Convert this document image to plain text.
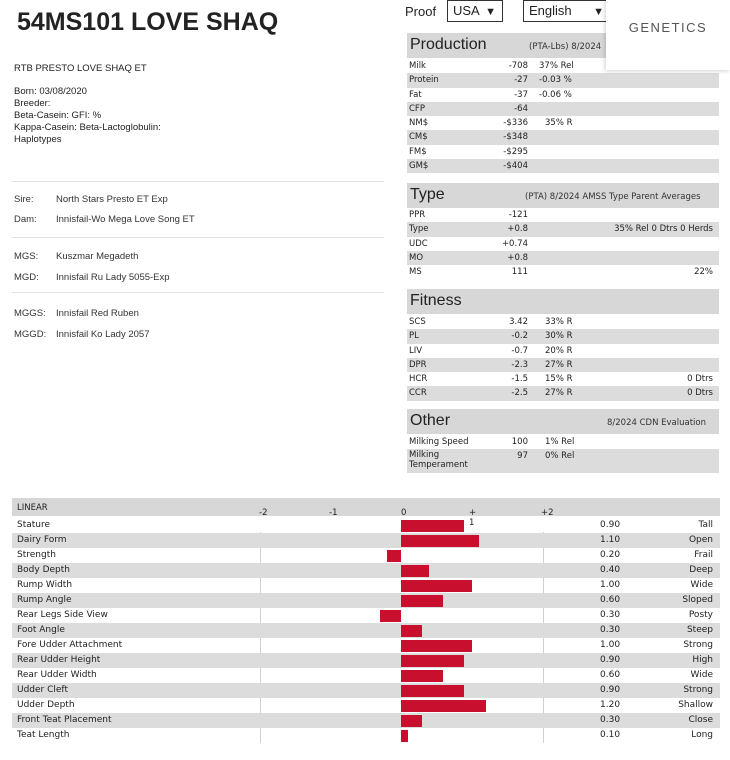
54MS101 LOVE SHAQ
RTB PRESTO LOVE SHAQ ET
Born: 03/08/2020
Breeder:
Beta-Casein: GFI: %
Kappa-Casein: Beta-Lactoglobulin:
Haplotypes
Sire: North Stars Presto ET Exp
Dam: Innisfail-Wo Mega Love Song ET
MGS: Kuszmar Megadeth
MGD: Innisfail Ru Lady 5055-Exp
MGGS: Innisfail Red Ruben
MGGD: Innisfail Ko Lady 2057
Proof	USA ▼	English ▼
Production	(PTA-Lbs) 8/2024
Milk	-708 37% Rel
Protein	-27 -0.03 %
Fat	-37 -0.06 %
CFP	-64
NM$	-$336 35% R
CM$	-$348
FM$	-$295
GM$	-$404
Type	(PTA) 8/2024 AMSS Type Parent Averages
PPR	-121
Type	+0.8	35% Rel 0 Dtrs 0 Herds
UDC	+0.74
MO	+0.8
MS	111	22%
Fitness
SCS	3.42 33% R
PL	-0.2 30% R
LIV	-0.7 20% R
DPR	-2.3 27% R
HCR	-1.5 15% R	0 Dtrs
CCR	-2.5 27% R	0 Dtrs
Other	8/2024 CDN Evaluation
Milking Speed	100 1% Rel
Milking Temperament
97 0% Rel
GENETICS
LINEAR	-2	-1	0	+ 1
+2
Stature	0.90	Tall
Dairy Form	1.10	Open
Strength	0.20	Frail
Body Depth	0.40	Deep
Rump Width	1.00	Wide
Rump Angle	0.60	Sloped
Rear Legs Side View	0.30	Posty
Foot Angle	0.30	Steep
Fore Udder Attachment	1.00	Strong
Rear Udder Height	0.90	High
Rear Udder Width	0.60	Wide
Udder Cleft	0.90	Strong
Udder Depth	1.20	Shallow
Front Teat Placement	0.30	Close
Teat Length	0.10	Long
